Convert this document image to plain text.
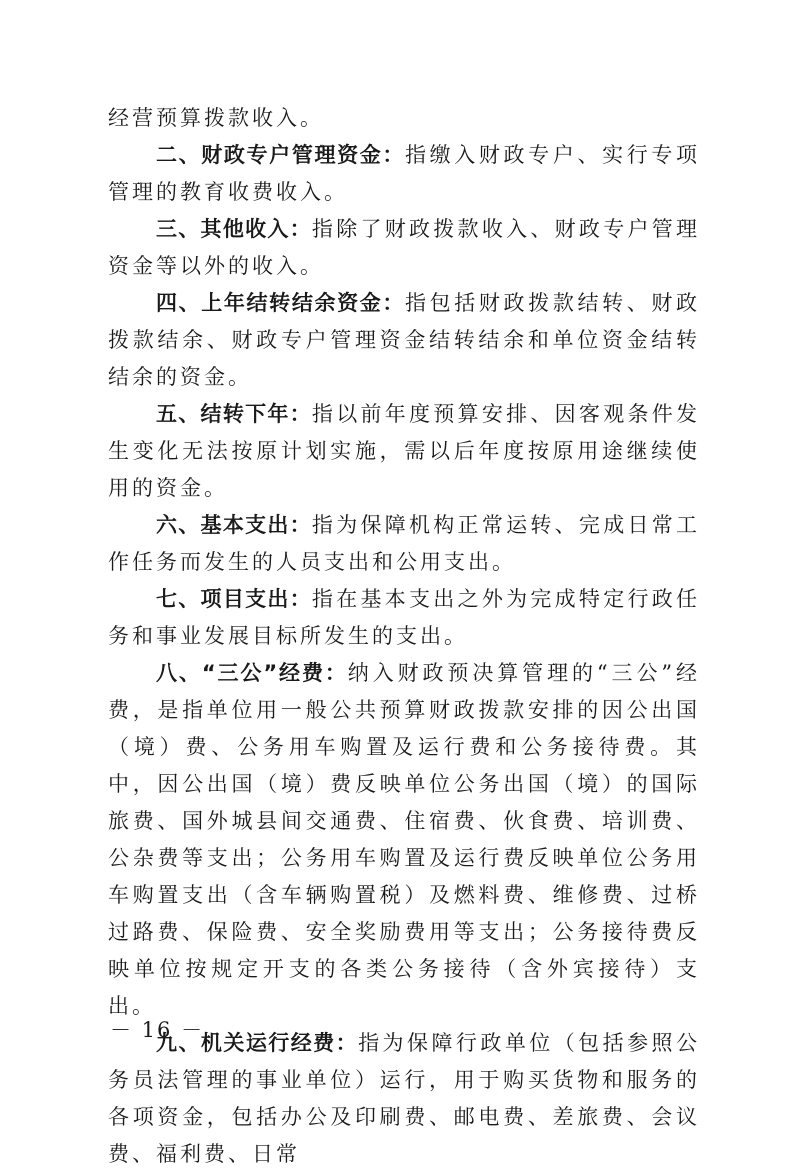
经营预算拨款收入。

二、财政专户管理资金：指缴入财政专户、实行专项管理的教育收费收入。

三、其他收入：指除了财政拨款收入、财政专户管理资金等以外的收入。

四、上年结转结余资金：指包括财政拨款结转、财政拨款结余、财政专户管理资金结转结余和单位资金结转结余的资金。

五、结转下年：指以前年度预算安排、因客观条件发生变化无法按原计划实施，需以后年度按原用途继续使用的资金。

六、基本支出：指为保障机构正常运转、完成日常工作任务而发生的人员支出和公用支出。

七、项目支出：指在基本支出之外为完成特定行政任务和事业发展目标所发生的支出。

八、“三公”经费：纳入财政预决算管理的“三公”经费，是指单位用一般公共预算财政拨款安排的因公出国（境）费、公务用车购置及运行费和公务接待费。其中，因公出国（境）费反映单位公务出国（境）的国际旅费、国外城县间交通费、住宿费、伙食费、培训费、公杂费等支出；公务用车购置及运行费反映单位公务用车购置支出（含车辆购置税）及燃料费、维修费、过桥过路费、保险费、安全奖励费用等支出；公务接待费反映单位按规定开支的各类公务接待（含外宾接待）支出。

九、机关运行经费：指为保障行政单位（包括参照公务员法管理的事业单位）运行，用于购买货物和服务的各项资金，包括办公及印刷费、邮电费、差旅费、会议费、福利费、日常

－ 16 －
